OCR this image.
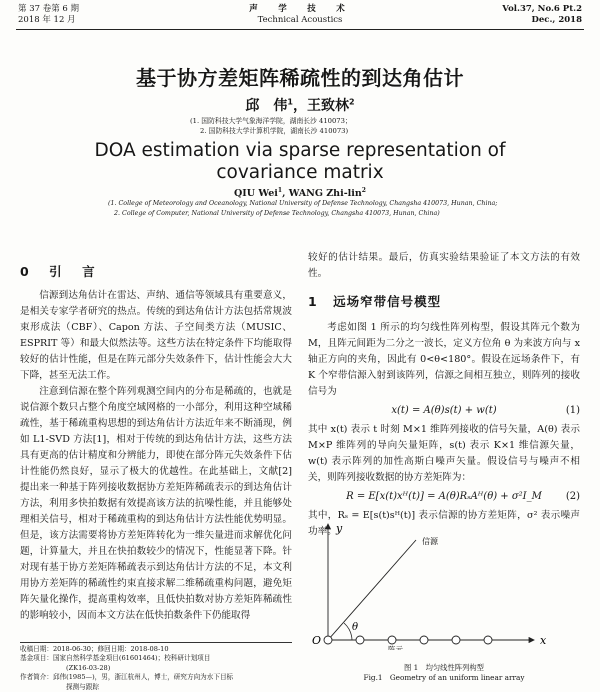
第 37 卷第 6 期
2018 年 12 月
声　学　技　术
Technical Acoustics
Vol.37, No.6 Pt.2
Dec., 2018
基于协方差矩阵稀疏性的到达角估计
邱　伟$^1$，王致林$^2$
(1. 国防科技大学气象海洋学院，湖南长沙 410073；
2. 国防科技大学计算机学院，湖南长沙 410073)
DOA estimation via sparse representation of
covariance matrix
QIU Wei$^1$, WANG Zhi-lin$^2$
(1. College of Meteorology and Oceanology, National University of Defense Technology, Changsha 410073, Hunan, China;
2. College of Computer, National University of Defense Technology, Changsha 410073, Hunan, China)
0 引　言

信源到达角估计在雷达、声纳、通信等领域具有重要意义，是相关专家学者研究的热点。传统的到达角估计方法包括常规波束形成法（CBF）、Capon 方法、子空间类方法（MUSIC、ESPRIT 等）和最大似然法等。这些方法在特定条件下均能取得较好的估计性能，但是在阵元部分失效条件下，估计性能会大大下降，甚至无法工作。

注意到信源在整个阵列观测空间内的分布是稀疏的，也就是说信源个数只占整个角度空域网格的一小部分，利用这种空域稀疏性，基于稀疏重构思想的到达角估计方法近年来不断涌现，例如 L1-SVD 方法[1]，相对于传统的到达角估计方法，这些方法具有更高的估计精度和分辨能力，即使在部分阵元失效条件下估计性能仍然良好，显示了极大的优越性。在此基础上，文献[2]提出来一种基于阵列接收数据协方差矩阵稀疏表示的到达角估计方法，利用多快拍数据有效提高该方法的抗噪性能，并且能够处理相关信号，相对于稀疏重构的到达角估计方法性能优势明显。但是，该方法需要将协方差矩阵转化为一维矢量进而求解优化问题，计算量大，并且在快拍数较少的情况下，性能显著下降。针对现有基于协方差矩阵稀疏表示到达角估计方法的不足，本文利用协方差矩阵的稀疏性约束直接求解二维稀疏重构问题，避免矩阵矢量化操作，提高重构效率，且低快拍数对协方差矩阵稀疏性的影响较小，因而本文方法在低快拍数条件下仍能取得

收稿日期：2018-06-30；修回日期：2018-08-10
基金项目：国家自然科学基金项目(61601464)；校科研计划项目
(ZK16-03-28)
作者简介：邱伟(1985—)，男，浙江杭州人，博士，研究方向为水下目标
探测与跟踪
较好的估计结果。最后，仿真实验结果验证了本文方法的有效性。
1 远场窄带信号模型

考虑如图 1 所示的均匀线性阵列构型，假设其阵元个数为 M，且阵元间距为二分之一波长，定义方位角 θ 为来波方向与 x 轴正方向的夹角，因此有 0<θ<180°。假设在远场条件下，有 K 个窄带信源入射到该阵列，信源之间相互独立，则阵列的接收信号为

x(t) = A(θ)s(t) + w(t)	(1)
其中 x(t) 表示 t 时刻 M×1 维阵列接收的信号矢量，A(θ) 表示 M×P 维阵列的导向矢量矩阵，s(t) 表示 K×1 维信源矢量，w(t) 表示阵列的加性高斯白噪声矢量。假设信号与噪声不相关，则阵列接收数据的协方差矩阵为：
R = E[x(t)xᴴ(t)] = A(θ)RₛAᴴ(θ) + σ²I_M (2)
其中，Rₛ = E[s(t)sᴴ(t)] 表示信源的协方差矩阵，σ² 表示噪声功率。 y
x
O
θ
信源
阵元
图 1　均匀线性阵列构型
Fig.1　Geometry of an uniform linear array
